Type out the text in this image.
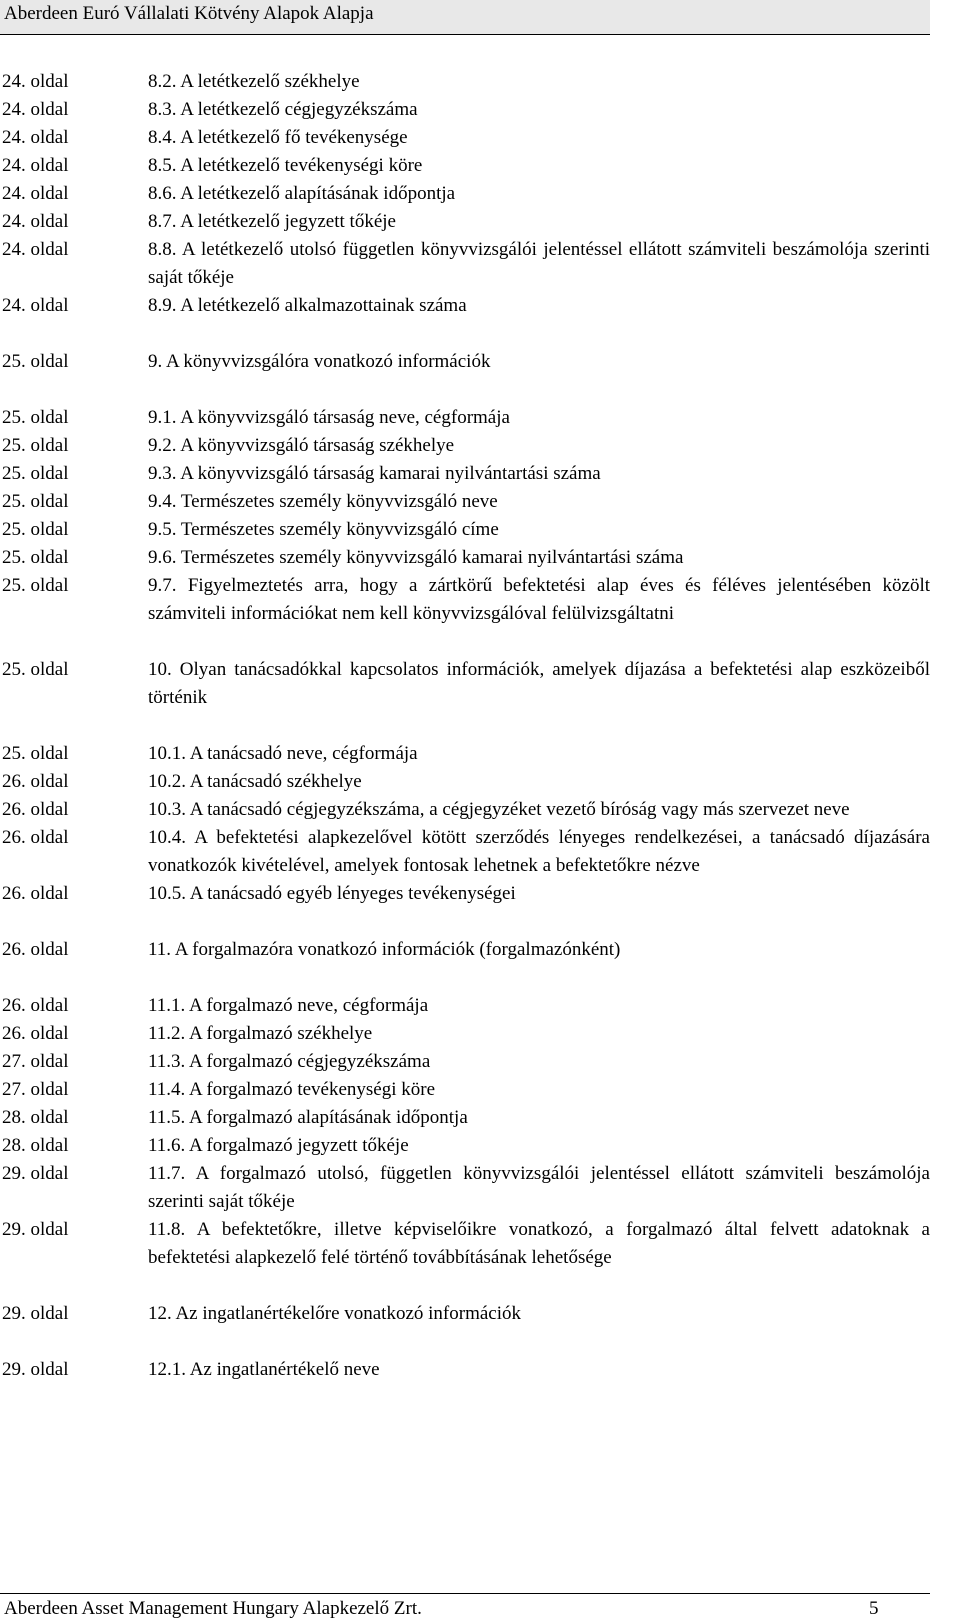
Aberdeen Euró Vállalati Kötvény Alapok Alapja
24. oldal	8.2. A letétkezelő székhelye
24. oldal	8.3. A letétkezelő cégjegyzékszáma
24. oldal	8.4. A letétkezelő fő tevékenysége
24. oldal	8.5. A letétkezelő tevékenységi köre
24. oldal	8.6. A letétkezelő alapításának időpontja
24. oldal	8.7. A letétkezelő jegyzett tőkéje
24. oldal	8.8. A letétkezelő utolsó független könyvvizsgálói jelentéssel ellátott számviteli beszámolója szerinti saját tőkéje
24. oldal	8.9. A letétkezelő alkalmazottainak száma
25. oldal	9. A könyvvizsgálóra vonatkozó információk
25. oldal	9.1. A könyvvizsgáló társaság neve, cégformája
25. oldal	9.2. A könyvvizsgáló társaság székhelye
25. oldal	9.3. A könyvvizsgáló társaság kamarai nyilvántartási száma
25. oldal	9.4. Természetes személy könyvvizsgáló neve
25. oldal	9.5. Természetes személy könyvvizsgáló címe
25. oldal	9.6. Természetes személy könyvvizsgáló kamarai nyilvántartási száma
25. oldal	9.7. Figyelmeztetés arra, hogy a zártkörű befektetési alap éves és féléves jelentésében közölt számviteli információkat nem kell könyvvizsgálóval felülvizsgáltatni
25. oldal	10. Olyan tanácsadókkal kapcsolatos információk, amelyek díjazása a befektetési alap eszközeiből történik
25. oldal	10.1. A tanácsadó neve, cégformája
26. oldal	10.2. A tanácsadó székhelye
26. oldal	10.3. A tanácsadó cégjegyzékszáma, a cégjegyzéket vezető bíróság vagy más szervezet neve
26. oldal	10.4. A befektetési alapkezelővel kötött szerződés lényeges rendelkezései, a tanácsadó díjazására vonatkozók kivételével, amelyek fontosak lehetnek a befektetőkre nézve
26. oldal	10.5. A tanácsadó egyéb lényeges tevékenységei
26. oldal	11. A forgalmazóra vonatkozó információk (forgalmazónként)
26. oldal	11.1. A forgalmazó neve, cégformája
26. oldal	11.2. A forgalmazó székhelye
27. oldal	11.3. A forgalmazó cégjegyzékszáma
27. oldal	11.4. A forgalmazó tevékenységi köre
28. oldal	11.5. A forgalmazó alapításának időpontja
28. oldal	11.6. A forgalmazó jegyzett tőkéje
29. oldal	11.7. A forgalmazó utolsó, független könyvvizsgálói jelentéssel ellátott számviteli beszámolója szerinti saját tőkéje
29. oldal	11.8. A befektetőkre, illetve képviselőikre vonatkozó, a forgalmazó által felvett adatoknak a befektetési alapkezelő felé történő továbbításának lehetősége
29. oldal	12. Az ingatlanértékelőre vonatkozó információk
29. oldal	12.1. Az ingatlanértékelő neve
Aberdeen Asset Management Hungary Alapkezelő Zrt.	5
